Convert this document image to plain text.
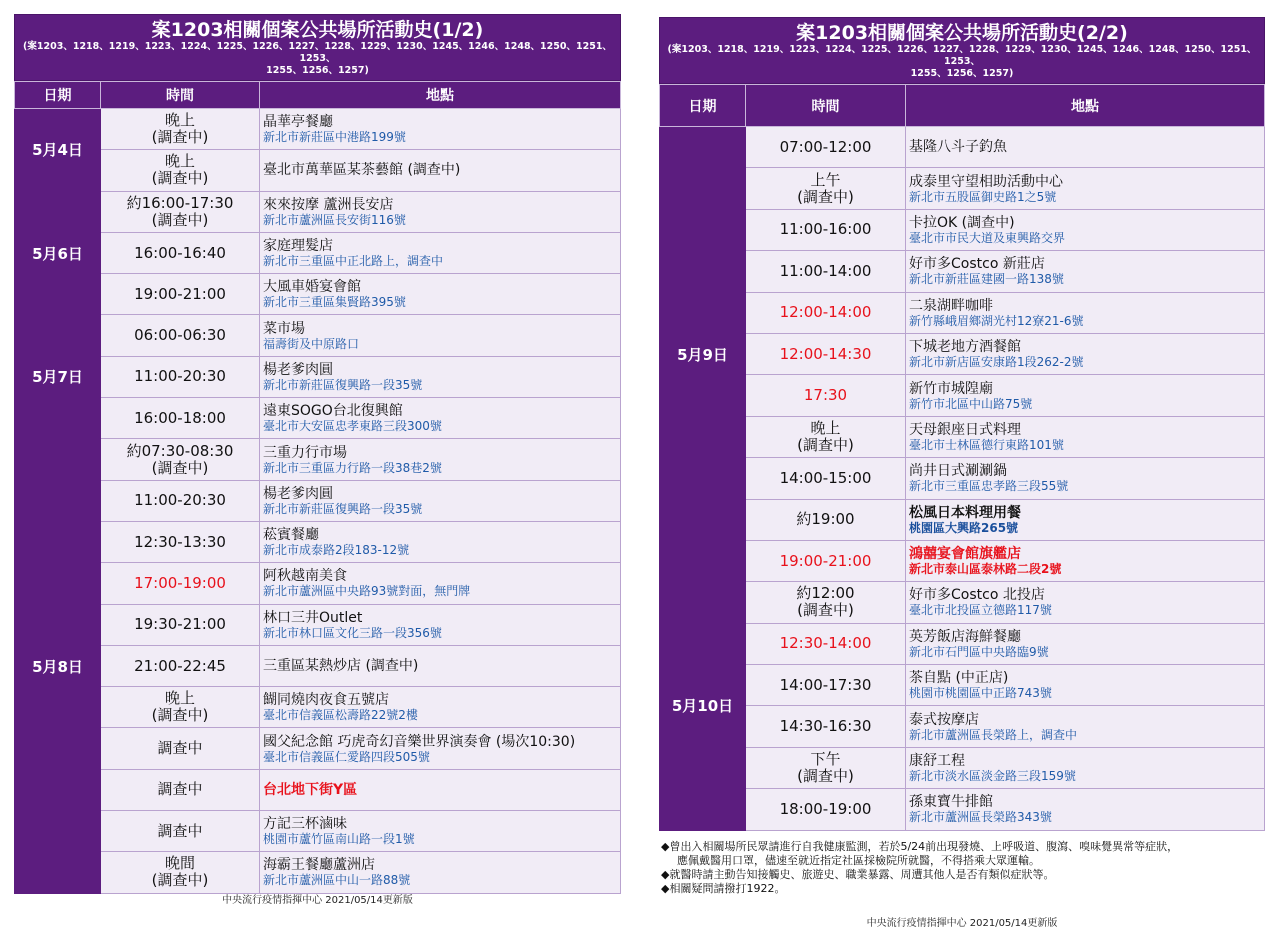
案1203相關個案公共場所活動史(1/2)
(案1203、1218、1219、1223、1224、1225、1226、1227、1228、1229、1230、1245、1246、1248、1250、1251、1253、
1255、1256、1257)
日期	時間	地點
5月4日	晚上
(調查中)	晶華亭餐廳
新北市新莊區中港路199號

	晚上
(調查中)	臺北市萬華區某茶藝館 (調查中)

5月6日	約16:00-17:30
(調查中)	來來按摩 蘆洲長安店
新北市蘆洲區長安街116號

	16:00-16:40	家庭理髮店
新北市三重區中正北路上，調查中

	19:00-21:00	大風車婚宴會館
新北市三重區集賢路395號

5月7日	06:00-06:30	菜市場
福壽街及中原路口

	11:00-20:30	楊老爹肉圓
新北市新莊區復興路一段35號

	16:00-18:00	遠東SOGO台北復興館
臺北市大安區忠孝東路三段300號

5月8日	約07:30-08:30
(調查中)	三重力行市場
新北市三重區力行路一段38巷2號

	11:00-20:30	楊老爹肉圓
新北市新莊區復興路一段35號

	12:30-13:30	菘賓餐廳
新北市成泰路2段183-12號

	17:00-19:00	阿秋越南美食
新北市蘆洲區中央路93號對面，無門牌

	19:30-21:00	林口三井Outlet
新北市林口區文化三路一段356號

	21:00-22:45	三重區某熱炒店 (調查中)

	晚上
(調查中)	餬同燒肉夜食五號店
臺北市信義區松壽路22號2樓

	調查中	國父紀念館 巧虎奇幻音樂世界演奏會 (場次10:30)
臺北市信義區仁愛路四段505號

	調查中	台北地下街Y區

	調查中	方記三杯滷味
桃園市蘆竹區南山路一段1號

	晚間
(調查中)	海霸王餐廳蘆洲店
新北市蘆洲區中山一路88號
中央流行疫情指揮中心 2021/05/14更新版
案1203相關個案公共場所活動史(2/2)
(案1203、1218、1219、1223、1224、1225、1226、1227、1228、1229、1230、1245、1246、1248、1250、1251、1253、
1255、1256、1257)
日期	時間	地點
5月9日	07:00-12:00	基隆八斗子釣魚

	上午
(調查中)	成泰里守望相助活動中心
新北市五股區御史路1之5號

	11:00-16:00	卡拉OK (調查中)
臺北市市民大道及東興路交界

	11:00-14:00	好市多Costco 新莊店
新北市新莊區建國一路138號

	12:00-14:00	二泉湖畔咖啡
新竹縣峨眉鄉湖光村12寮21-6號

	12:00-14:30	下城老地方酒餐館
新北市新店區安康路1段262-2號

	17:30	新竹市城隍廟
新竹市北區中山路75號

	晚上
(調查中)	天母銀座日式料理
臺北市士林區德行東路101號

	14:00-15:00	尚井日式涮涮鍋
新北市三重區忠孝路三段55號

	約19:00	松風日本料理用餐
桃園區大興路265號

	19:00-21:00	鴻囍宴會館旗艦店
新北市泰山區泰林路二段2號

5月10日	約12:00
(調查中)	好市多Costco 北投店
臺北市北投區立德路117號

	12:30-14:00	英芳飯店海鮮餐廳
新北市石門區中央路臨9號

	14:00-17:30	茶自點 (中正店)
桃園市桃園區中正路743號

	14:30-16:30	泰式按摩店
新北市蘆洲區長榮路上，調查中

	下午
(調查中)	康舒工程
新北市淡水區淡金路三段159號

	18:00-19:00	孫東寶牛排館
新北市蘆洲區長榮路343號
◆曾出入相關場所民眾請進行自我健康監測，若於5/24前出現發燒、上呼吸道、腹瀉、嗅味覺異常等症狀，
應佩戴醫用口罩，儘速至就近指定社區採檢院所就醫，不得搭乘大眾運輸。
◆就醫時請主動告知接觸史、旅遊史、職業暴露、周遭其他人是否有類似症狀等。
◆相關疑問請撥打1922。
中央流行疫情指揮中心 2021/05/14更新版
